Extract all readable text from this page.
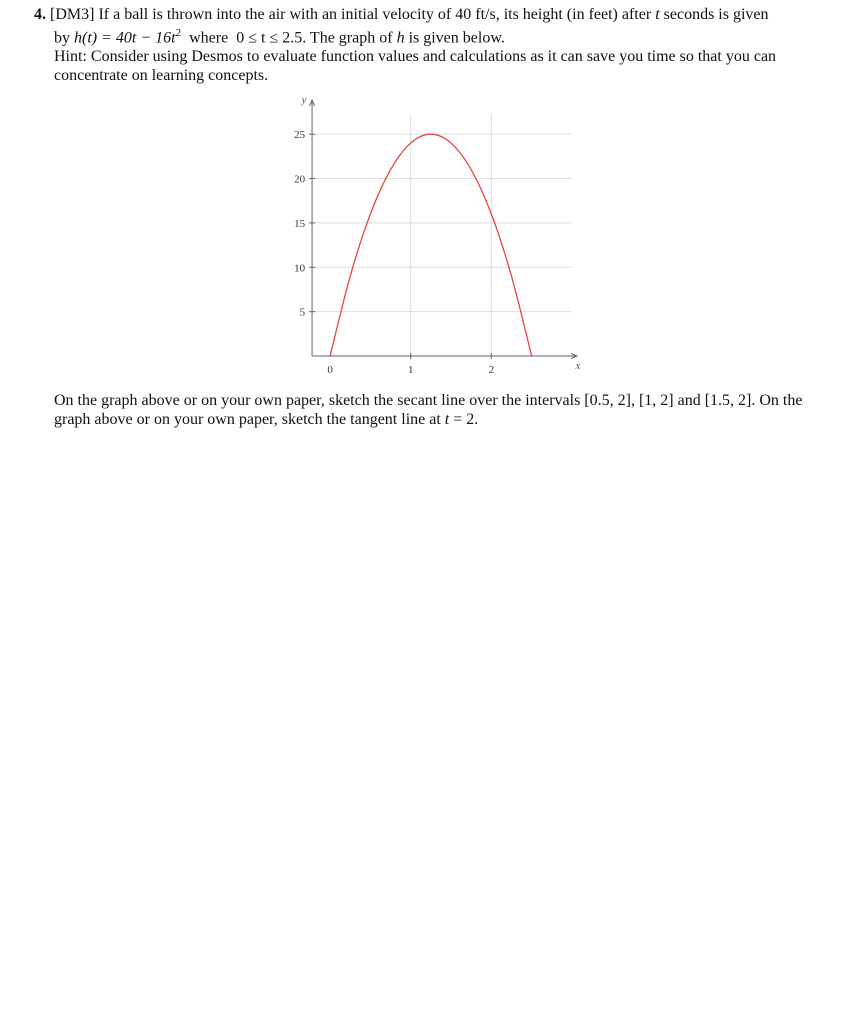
4. [DM3] If a ball is thrown into the air with an initial velocity of 40 ft/s, its height (in feet) after t seconds is given
by $h(t) = 40t - 16t^2$ where 0 ≤ t ≤ 2.5. The graph of h is given below.

Hint: Consider using Desmos to evaluate function values and calculations as it can save you time so that you can concentrate on learning concepts.

y
x
5
10
15
20
25
0	1	2

On the graph above or on your own paper, sketch the secant line over the intervals [0.5, 2], [1, 2] and [1.5, 2]. On the graph above or on your own paper, sketch the tangent line at t = 2.
